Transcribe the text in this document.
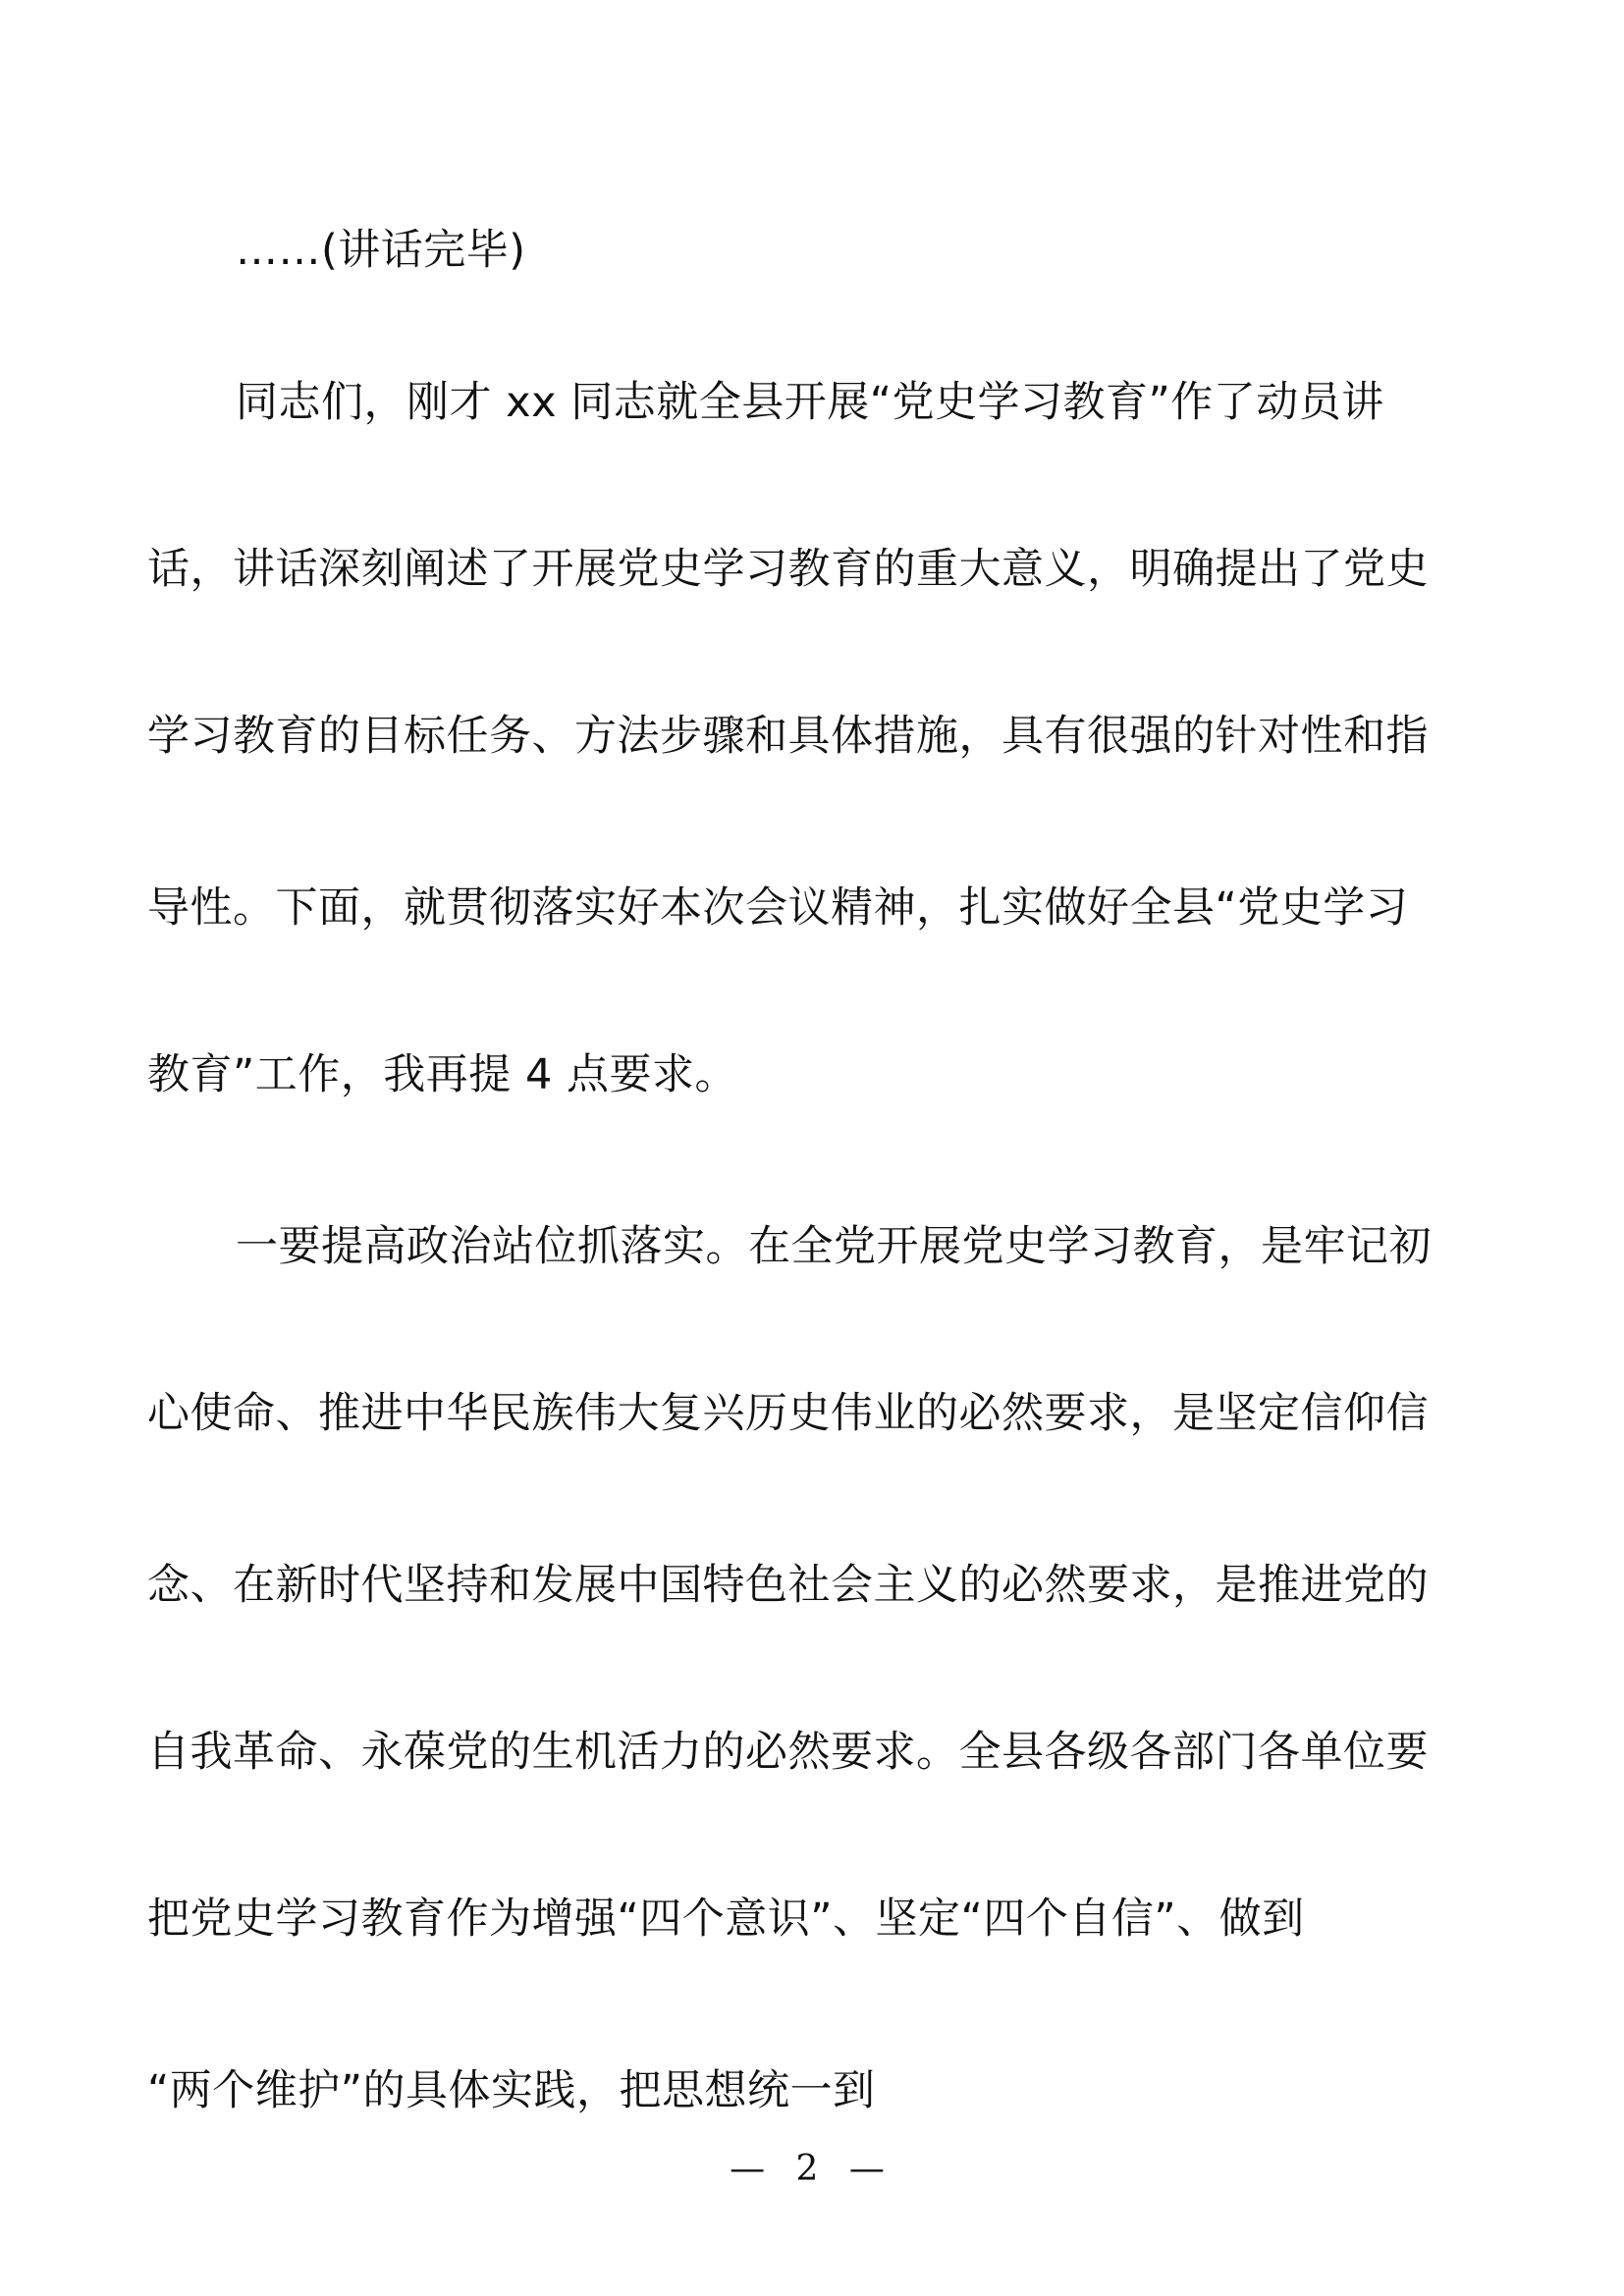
……(讲话完毕)
同志们，刚才 xx 同志就全县开展“党史学习教育”作了动员讲
话，讲话深刻阐述了开展党史学习教育的重大意义，明确提出了党史
学习教育的目标任务、方法步骤和具体措施，具有很强的针对性和指
导性。下面，就贯彻落实好本次会议精神，扎实做好全县“党史学习
教育”工作，我再提 4 点要求。
一要提高政治站位抓落实。在全党开展党史学习教育，是牢记初
心使命、推进中华民族伟大复兴历史伟业的必然要求，是坚定信仰信
念、在新时代坚持和发展中国特色社会主义的必然要求，是推进党的
自我革命、永葆党的生机活力的必然要求。全县各级各部门各单位要
把党史学习教育作为增强“四个意识”、坚定“四个自信”、做到
“两个维护”的具体实践，把思想统一到
— 2 —
